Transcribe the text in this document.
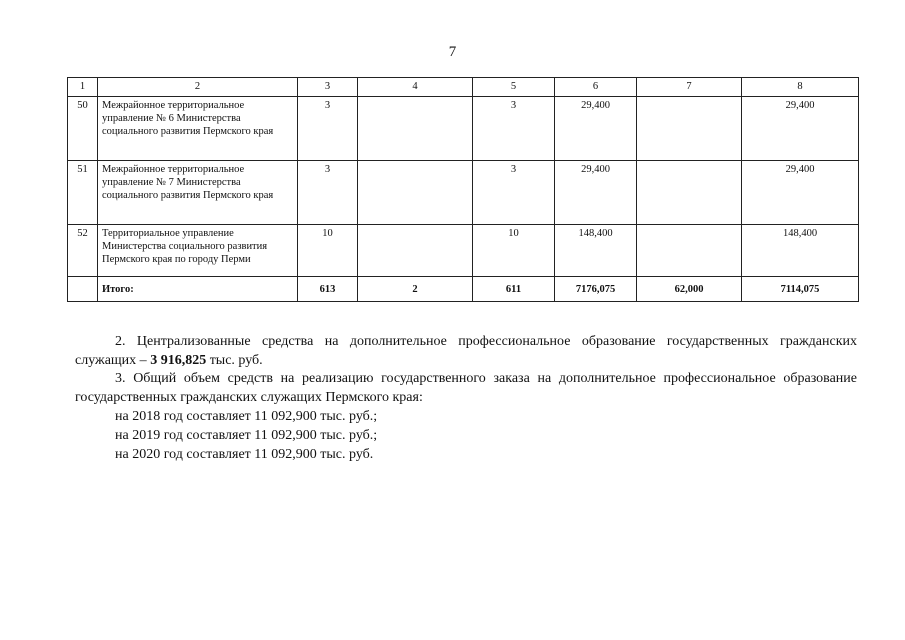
7
1	2	3	4	5	6	7	8
50	Межрайонное территориальное управление № 6 Министерства социального развития Пермского края	3		3	29,400		29,400
51	Межрайонное территориальное управление № 7 Министерства социального развития Пермского края	3		3	29,400		29,400
52	Территориальное управление Министерства социального развития Пермского края по городу Перми	10		10	148,400		148,400
	Итого:	613	2	611	7176,075	62,000	7114,075
2. Централизованные средства на дополнительное профессиональное образование государственных гражданских служащих – 3 916,825 тыс. руб.
3. Общий объем средств на реализацию государственного заказа на дополнительное профессиональное образование государственных гражданских служащих Пермского края:
на 2018 год составляет 11 092,900 тыс. руб.;
на 2019 год составляет 11 092,900 тыс. руб.;
на 2020 год составляет 11 092,900 тыс. руб.
